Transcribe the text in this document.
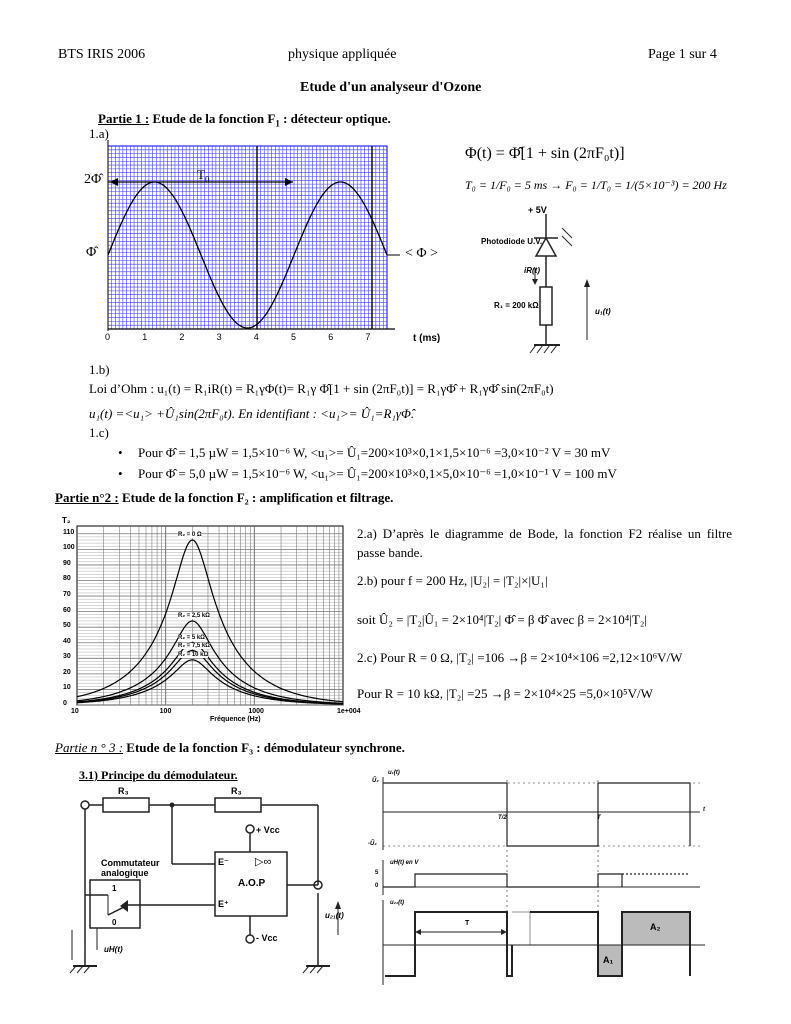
BTS IRIS 2006	physique appliquée	Page 1 sur 4
Etude d'un analyseur d'Ozone
Partie 1 : Etude de la fonction $F_1$ : détecteur optique.
1.a)
2Φ̂
Φ̂
$T_0$
< Φ >
t (ms)
0	1	2	3	4	5	6	7
Φ(t) = Φ̂[1 + sin (2πF₀t)]
T₀ = 1/F₀ = 5 ms → F₀ = 1/T₀ = 1/(5×10⁻³) = 200 Hz
+ 5V
Photodiode U.V.
iR(t)
R₁ = 200 kΩ
u₁(t)
1.b)
Loi d’Ohm : u₁(t) = R₁iR(t) = R₁γΦ(t)= R₁γ Φ̂[1 + sin (2πF₀t)] = R₁γΦ̂ + R₁γΦ̂ sin(2πF₀t)
u₁(t) =<u₁> +Û₁sin(2πF₀t). En identifiant : <u₁>= Û₁=R₁γΦ̂.
1.c)
• Pour Φ̂ = 1,5 µW = 1,5×10⁻⁶ W, <u₁>= Û₁=200×10³×0,1×1,5×10⁻⁶ =3,0×10⁻² V = 30 mV
• Pour Φ̂ = 5,0 µW = 1,5×10⁻⁶ W, <u₁>= Û₁=200×10³×0,1×5,0×10⁻⁶ =1,0×10⁻¹ V = 100 mV
Partie n°2 : Etude de la fonction F₂ : amplification et filtrage.
T₂
Fréquence (Hz)
110
100
90
80
70
60
50
40
30
20
10
0
10	100	1000	1e+004
R₂ = 0 Ω
R₂ = 2,5 kΩ
R₂ = 5 kΩ
R₂ = 7,5 kΩ
R₂ = 10 kΩ
2.a) D’après le diagramme de Bode, la fonction F2 réalise un filtre passe bande.
2.b) pour f = 200 Hz, |U₂| = |T₂|×|U₁|
soit Û₂ = |T₂|Û₁ = 2×10⁴|T₂| Φ̂ = β Φ̂ avec β = 2×10⁴|T₂|
2.c) Pour R = 0 Ω, |T₂| =106 →β = 2×10⁴×106 =2,12×10⁶V/W
Pour R = 10 kΩ, |T₂| =25 →β = 2×10⁴×25 =5,0×10⁵V/W
Partie n ° 3 : Etude de la fonction F₃ : démodulateur synchrone.
3.1) Principe du démodulateur.
R₃	R₃
+ Vcc
- Vcc
Commutateur
analogique
1
0
E⁻
E⁺
A.O.P
▷∞
uH(t)
u₂₁(t)
u₁(t)
Û₂
-Û₂
T/2	T
t
uH(t) en V
5
0
u₂₁(t)
T
A₁
A₂
